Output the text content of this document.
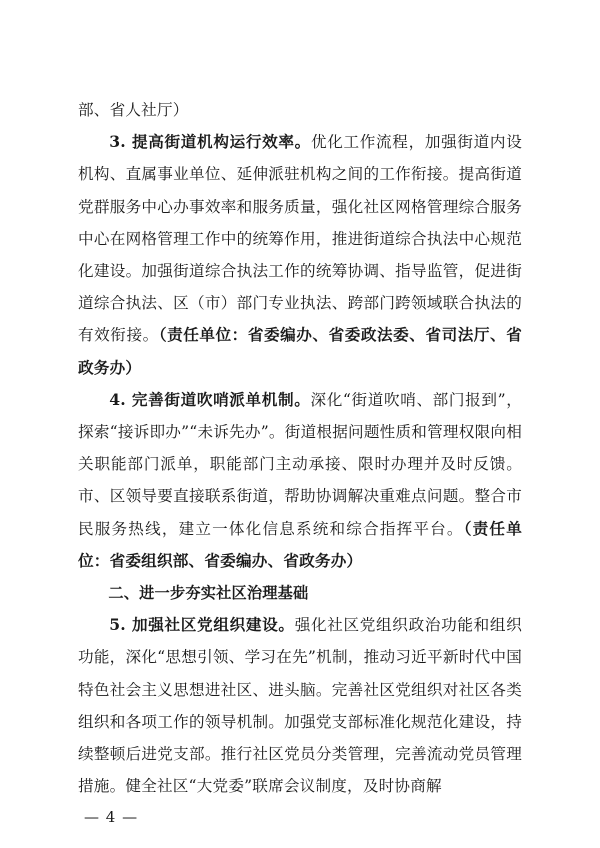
部、省人社厅）

3. 提高街道机构运行效率。优化工作流程，加强街道内设机构、直属事业单位、延伸派驻机构之间的工作衔接。提高街道党群服务中心办事效率和服务质量，强化社区网格管理综合服务中心在网格管理工作中的统筹作用，推进街道综合执法中心规范化建设。加强街道综合执法工作的统筹协调、指导监管，促进街道综合执法、区（市）部门专业执法、跨部门跨领域联合执法的有效衔接。（责任单位：省委编办、省委政法委、省司法厅、省政务办）

4. 完善街道吹哨派单机制。深化“街道吹哨、部门报到”，探索“接诉即办”“未诉先办”。街道根据问题性质和管理权限向相关职能部门派单，职能部门主动承接、限时办理并及时反馈。市、区领导要直接联系街道，帮助协调解决重难点问题。整合市民服务热线，建立一体化信息系统和综合指挥平台。（责任单位：省委组织部、省委编办、省政务办）

二、进一步夯实社区治理基础

5. 加强社区党组织建设。强化社区党组织政治功能和组织功能，深化“思想引领、学习在先”机制，推动习近平新时代中国特色社会主义思想进社区、进头脑。完善社区党组织对社区各类组织和各项工作的领导机制。加强党支部标准化规范化建设，持续整顿后进党支部。推行社区党员分类管理，完善流动党员管理措施。健全社区“大党委”联席会议制度，及时协商解

— 4 —
